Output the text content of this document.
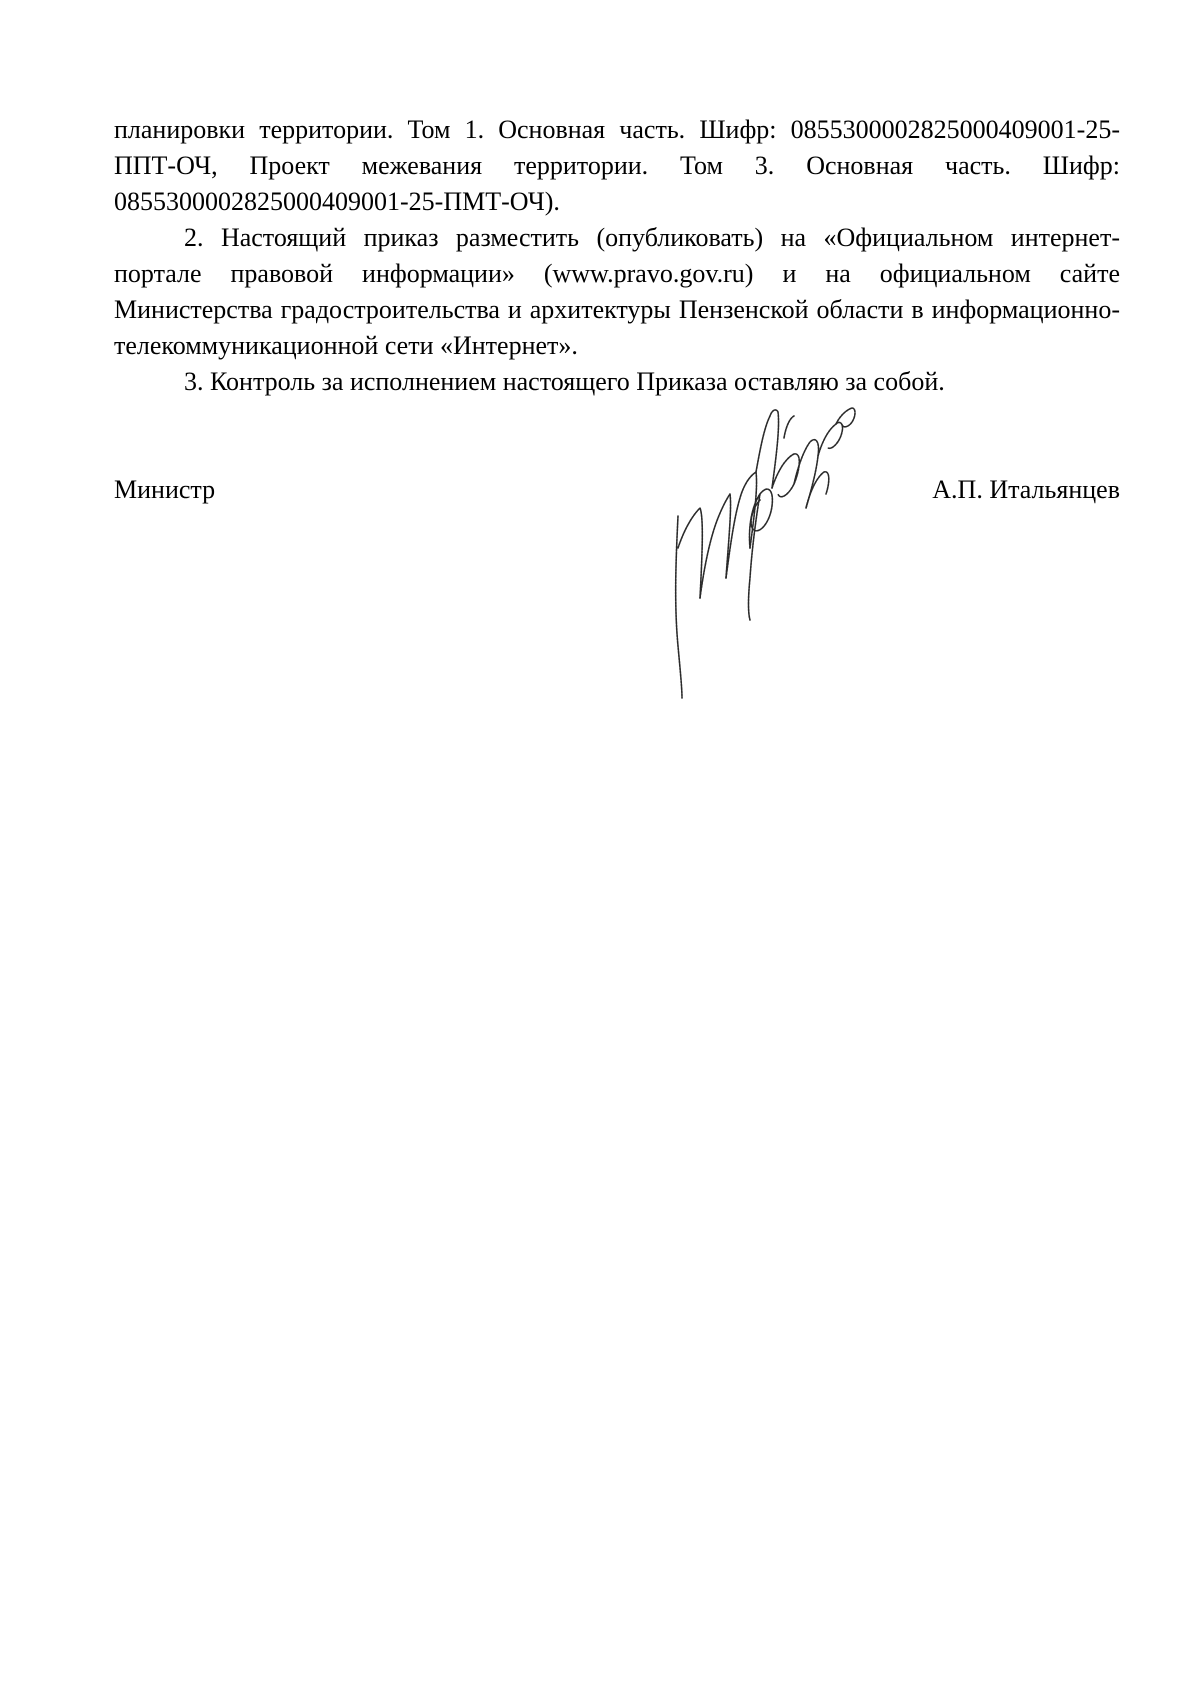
планировки территории. Том 1. Основная часть. Шифр: 08553000028250004090​01-25-ППТ-ОЧ, Проект межевания территории. Том 3. Основная часть. Шифр: 08553000028250004090​01-25-ПМТ-ОЧ).

2. Настоящий приказ разместить (опубликовать) на «Официальном интернет-портале правовой информации» (www.pravo.gov.ru) и на официальном сайте Министерства градостроительства и архитектуры Пензенской области в информационно-телекоммуникационной сети «Интернет».

3. Контроль за исполнением настоящего Приказа оставляю за собой.

Министр	А.П. Итальянцев
